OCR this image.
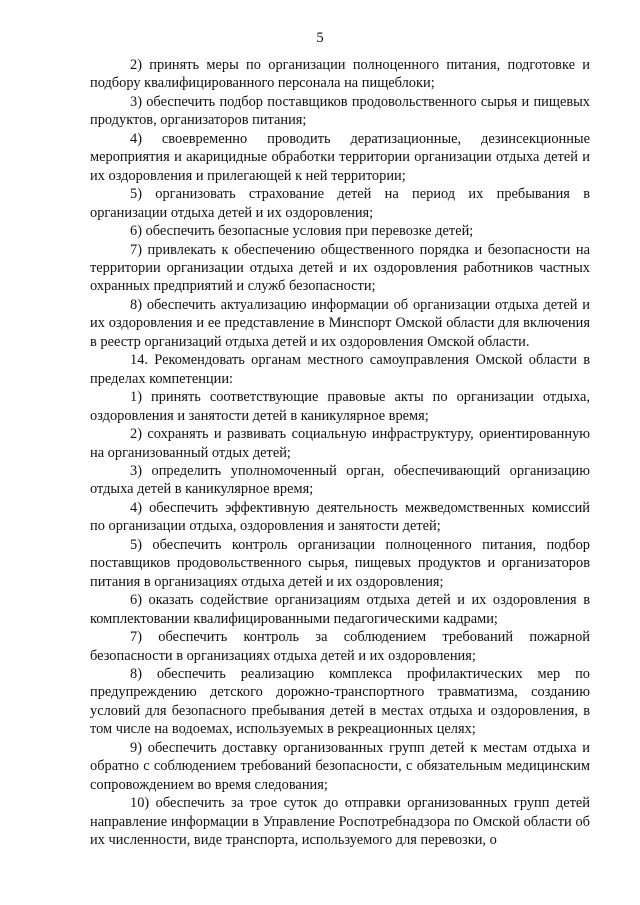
5

2) принять меры по организации полноценного питания, подготовке и подбору квалифицированного персонала на пищеблоки;

3) обеспечить подбор поставщиков продовольственного сырья и пищевых продуктов, организаторов питания;

4) своевременно проводить дератизационные, дезинсекционные мероприятия и акарицидные обработки территории организации отдыха детей и их оздоровления и прилегающей к ней территории;

5) организовать страхование детей на период их пребывания в организации отдыха детей и их оздоровления;

6) обеспечить безопасные условия при перевозке детей;

7) привлекать к обеспечению общественного порядка и безопасности на территории организации отдыха детей и их оздоровления работников частных охранных предприятий и служб безопасности;

8) обеспечить актуализацию информации об организации отдыха детей и их оздоровления и ее представление в Минспорт Омской области для включения в реестр организаций отдыха детей и их оздоровления Омской области.

14. Рекомендовать органам местного самоуправления Омской области в пределах компетенции:

1) принять соответствующие правовые акты по организации отдыха, оздоровления и занятости детей в каникулярное время;

2) сохранять и развивать социальную инфраструктуру, ориентированную на организованный отдых детей;

3) определить уполномоченный орган, обеспечивающий организацию отдыха детей в каникулярное время;

4) обеспечить эффективную деятельность межведомственных комиссий по организации отдыха, оздоровления и занятости детей;

5) обеспечить контроль организации полноценного питания, подбор поставщиков продовольственного сырья, пищевых продуктов и организаторов питания в организациях отдыха детей и их оздоровления;

6) оказать содействие организациям отдыха детей и их оздоровления в комплектовании квалифицированными педагогическими кадрами;

7) обеспечить контроль за соблюдением требований пожарной безопасности в организациях отдыха детей и их оздоровления;

8) обеспечить реализацию комплекса профилактических мер по предупреждению детского дорожно-транспортного травматизма, созданию условий для безопасного пребывания детей в местах отдыха и оздоровления, в том числе на водоемах, используемых в рекреационных целях;

9) обеспечить доставку организованных групп детей к местам отдыха и обратно с соблюдением требований безопасности, с обязательным медицинским сопровождением во время следования;

10) обеспечить за трое суток до отправки организованных групп детей направление информации в Управление Роспотребнадзора по Омской области об их численности, виде транспорта, используемого для перевозки, о
